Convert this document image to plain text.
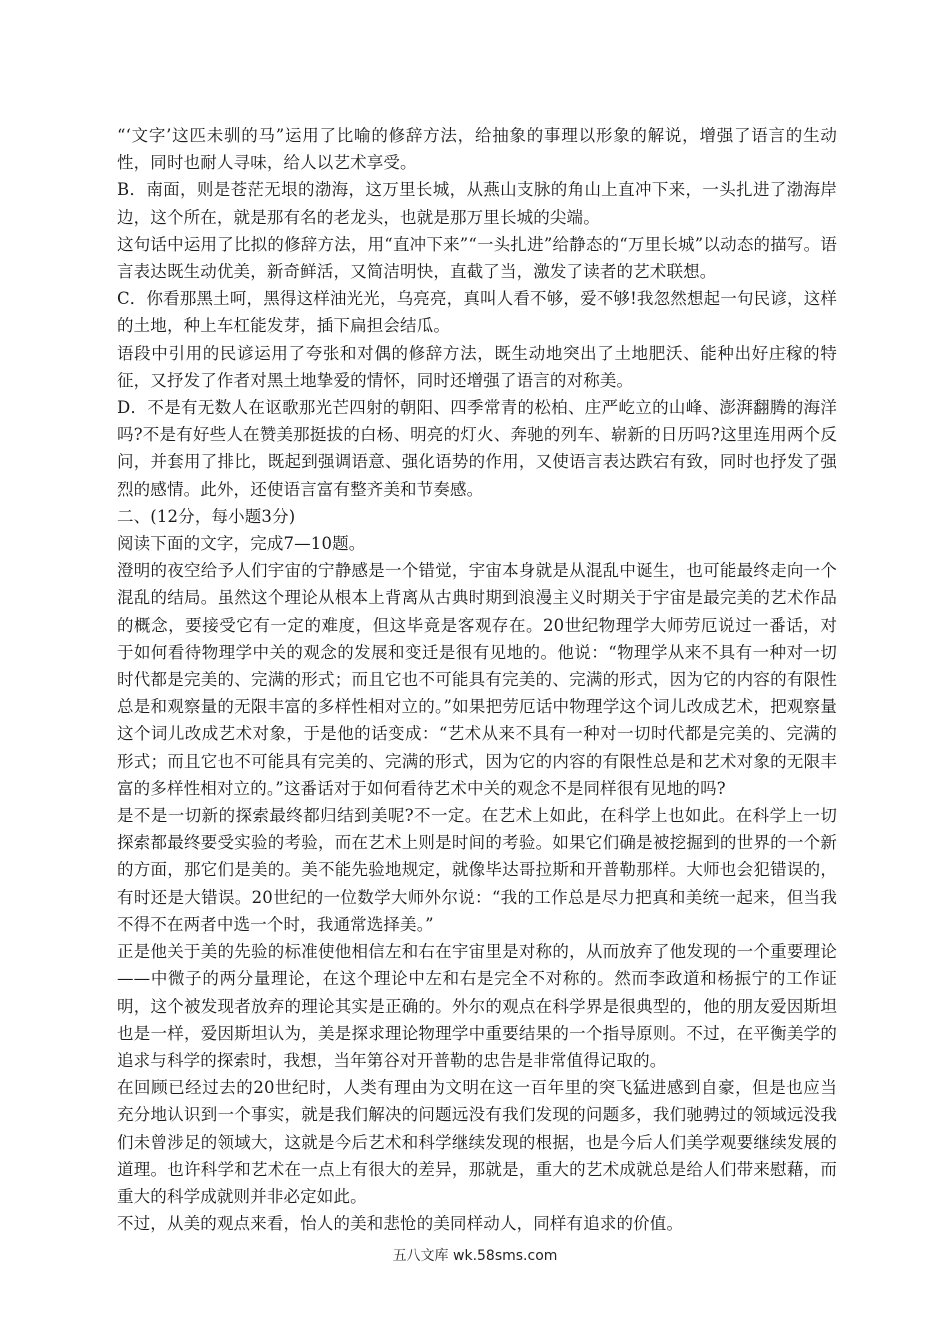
“‘文字’这匹未驯的马”运用了比喻的修辞方法，给抽象的事理以形象的解说，增强了语言的生动性，同时也耐人寻味，给人以艺术享受。

B．南面，则是苍茫无垠的渤海，这万里长城，从燕山支脉的角山上直冲下来，一头扎进了渤海岸边，这个所在，就是那有名的老龙头，也就是那万里长城的尖端。

这句话中运用了比拟的修辞方法，用“直冲下来”“一头扎进”给静态的“万里长城”以动态的描写。语言表达既生动优美，新奇鲜活，又简洁明快，直截了当，激发了读者的艺术联想。

C．你看那黑土呵，黑得这样油光光，乌亮亮，真叫人看不够，爱不够!我忽然想起一句民谚，这样的土地，种上车杠能发芽，插下扁担会结瓜。

语段中引用的民谚运用了夸张和对偶的修辞方法，既生动地突出了土地肥沃、能种出好庄稼的特征，又抒发了作者对黑土地挚爱的情怀，同时还增强了语言的对称美。

D．不是有无数人在讴歌那光芒四射的朝阳、四季常青的松柏、庄严屹立的山峰、澎湃翻腾的海洋吗?不是有好些人在赞美那挺拔的白杨、明亮的灯火、奔驰的列车、崭新的日历吗?这里连用两个反问，并套用了排比，既起到强调语意、强化语势的作用，又使语言表达跌宕有致，同时也抒发了强烈的感情。此外，还使语言富有整齐美和节奏感。

二、(12分，每小题3分)

阅读下面的文字，完成7—10题。

澄明的夜空给予人们宇宙的宁静感是一个错觉，宇宙本身就是从混乱中诞生，也可能最终走向一个混乱的结局。虽然这个理论从根本上背离从古典时期到浪漫主义时期关于宇宙是最完美的艺术作品的概念，要接受它有一定的难度，但这毕竟是客观存在。20世纪物理学大师劳厄说过一番话，对于如何看待物理学中关的观念的发展和变迁是很有见地的。他说：“物理学从来不具有一种对一切时代都是完美的、完满的形式；而且它也不可能具有完美的、完满的形式，因为它的内容的有限性总是和观察量的无限丰富的多样性相对立的。”如果把劳厄话中物理学这个词儿改成艺术，把观察量这个词儿改成艺术对象，于是他的话变成：“艺术从来不具有一种对一切时代都是完美的、完满的形式；而且它也不可能具有完美的、完满的形式，因为它的内容的有限性总是和艺术对象的无限丰富的多样性相对立的。”这番话对于如何看待艺术中关的观念不是同样很有见地的吗?

是不是一切新的探索最终都归结到美呢?不一定。在艺术上如此，在科学上也如此。在科学上一切探索都最终要受实验的考验，而在艺术上则是时间的考验。如果它们确是被挖掘到的世界的一个新的方面，那它们是美的。美不能先验地规定，就像毕达哥拉斯和开普勒那样。大师也会犯错误的，有时还是大错误。20世纪的一位数学大师外尔说：“我的工作总是尽力把真和美统一起来，但当我不得不在两者中选一个时，我通常选择美。”

正是他关于美的先验的标准使他相信左和右在宇宙里是对称的，从而放弃了他发现的一个重要理论——中微子的两分量理论，在这个理论中左和右是完全不对称的。然而李政道和杨振宁的工作证明，这个被发现者放弃的理论其实是正确的。外尔的观点在科学界是很典型的，他的朋友爱因斯坦也是一样，爱因斯坦认为，美是探求理论物理学中重要结果的一个指导原则。不过，在平衡美学的追求与科学的探索时，我想，当年第谷对开普勒的忠告是非常值得记取的。

在回顾已经过去的20世纪时，人类有理由为文明在这一百年里的突飞猛进感到自豪，但是也应当充分地认识到一个事实，就是我们解决的问题远没有我们发现的问题多，我们驰骋过的领域远没我们未曾涉足的领域大，这就是今后艺术和科学继续发现的根据，也是今后人们美学观要继续发展的道理。也许科学和艺术在一点上有很大的差异，那就是，重大的艺术成就总是给人们带来慰藉，而重大的科学成就则并非必定如此。

不过，从美的观点来看，怡人的美和悲怆的美同样动人，同样有追求的价值。

五八文库 wk.58sms.com
